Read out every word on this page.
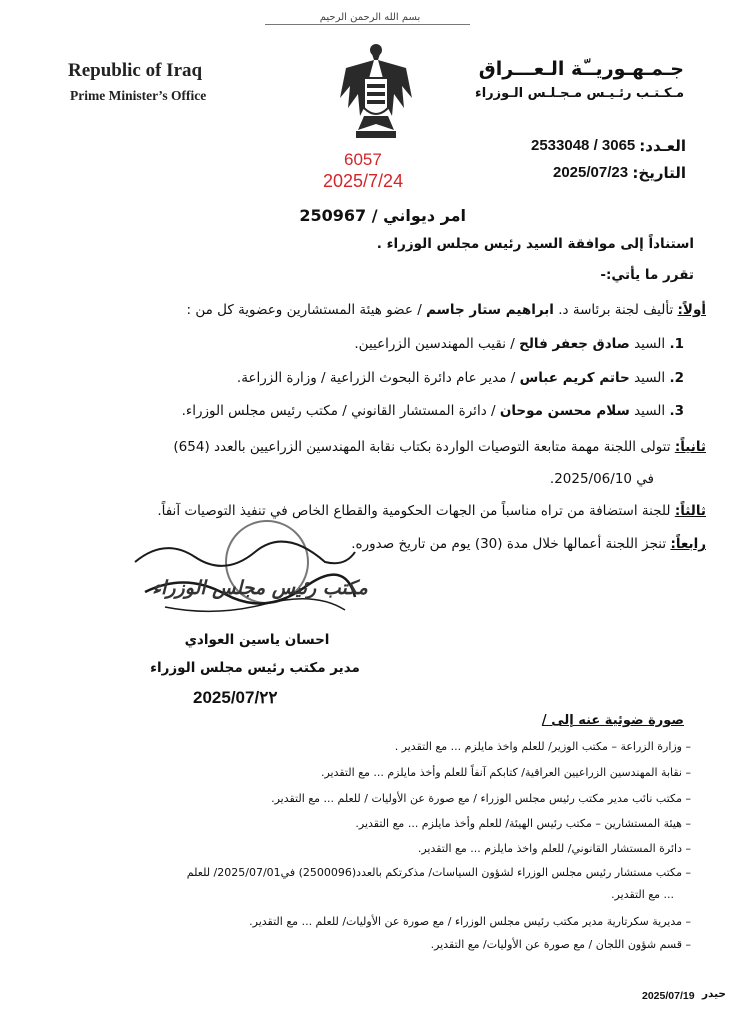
بسم الله الرحمن الرحيم
Republic of Iraq
Prime Minister’s Office
جـمـهـوريــّة الـعـــراق
مـكـتـب رئـيـس مـجـلـس الـوزراء
6057
2025/7/24
العـدد:
2533048 / 3065
التاريخ:
2025/07/23
امر ديواني / 250967
استناداً إلى موافقة السيد رئيس مجلس الوزراء .
تقرر ما يأتي:-
أولاً: تأليف لجنة برئاسة د. ابراهيم ستار جاسم / عضو هيئة المستشارين وعضوية كل من :
1. السيد صادق جعفر فالح / نقيب المهندسين الزراعيين.
2. السيد حاتم كريم عباس / مدير عام دائرة البحوث الزراعية / وزارة الزراعة.
3. السيد سلام محسن موحان / دائرة المستشار القانوني / مكتب رئيس مجلس الوزراء.
ثانياً: تتولى اللجنة مهمة متابعة التوصيات الواردة بكتاب نقابة المهندسين الزراعيين بالعدد (654)
في 2025/06/10.
ثالثاً: للجنة استضافة من تراه مناسباً من الجهات الحكومية والقطاع الخاص في تنفيذ التوصيات آنفاً.
رابعاً: تنجز اللجنة أعمالها خلال مدة (30) يوم من تاريخ صدوره.
مكتب رئيس مجلس الوزراء
احسان ياسين العوادي
مدير مكتب رئيس مجلس الوزراء
2025/07/٢٢
صورة ضوئية عنه إلى /
– وزارة الزراعة – مكتب الوزير/ للعلم واخذ مايلزم ... مع التقدير .
– نقابة المهندسين الزراعيين العراقية/ كتابكم آنفاً للعلم وأخذ مايلزم ... مع التقدير.
– مكتب نائب مدير مكتب رئيس مجلس الوزراء / مع صورة عن الأوليات / للعلم ... مع التقدير.
– هيئة المستشارين – مكتب رئيس الهيئة/ للعلم وأخذ مايلزم ... مع التقدير.
– دائرة المستشار القانوني/ للعلم واخذ مايلزم ... مع التقدير.
– مكتب مستشار رئيس مجلس الوزراء لشؤون السياسات/ مذكرتكم بالعدد(2500096) في2025/07/01/ للعلم
... مع التقدير.
– مديرية سكرتارية مدير مكتب رئيس مجلس الوزراء / مع صورة عن الأوليات/ للعلم ... مع التقدير.
– قسم شؤون اللجان / مع صورة عن الأوليات/ مع التقدير.
2025/07/19 حيدر
